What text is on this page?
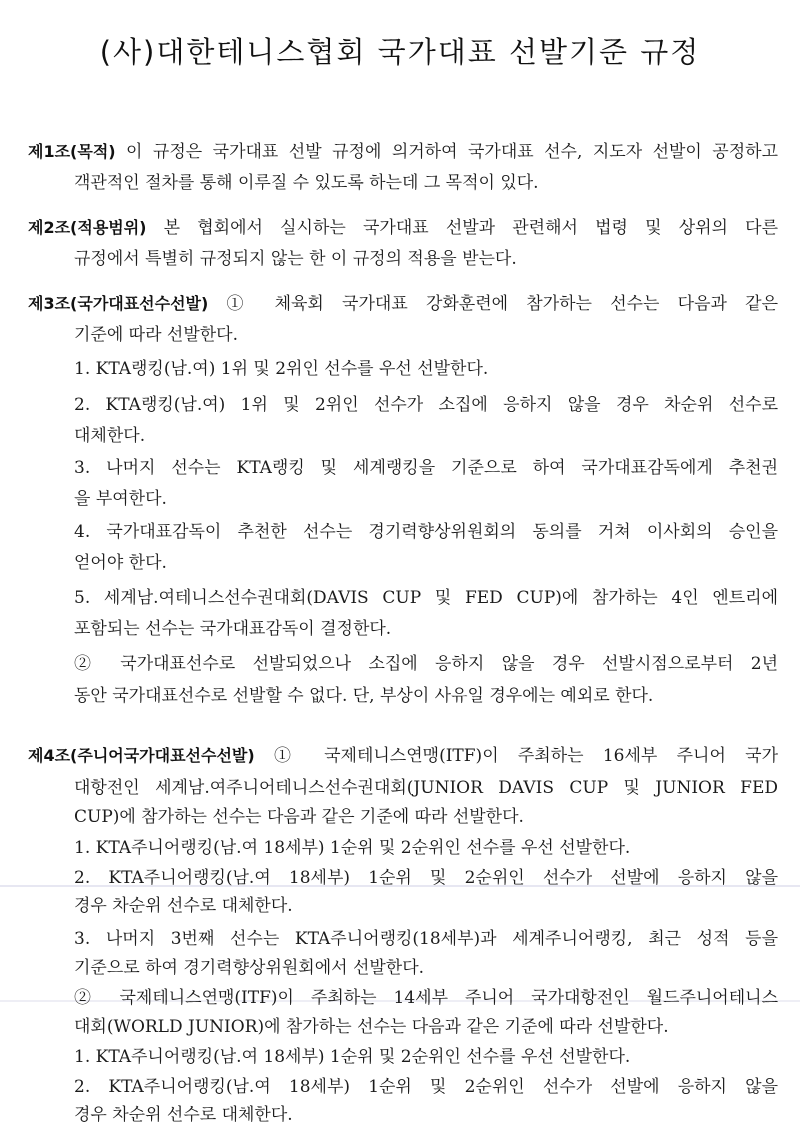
(사)대한테니스협회 국가대표 선발기준 규정
제1조(목적) 이 규정은 국가대표 선발 규정에 의거하여 국가대표 선수, 지도자 선발이 공정하고
객관적인 절차를 통해 이루질 수 있도록 하는데 그 목적이 있다.
제2조(적용범위) 본 협회에서 실시하는 국가대표 선발과 관련해서 법령 및 상위의 다른
규정에서 특별히 규정되지 않는 한 이 규정의 적용을 받는다.
제3조(국가대표선수선발) ① 체육회 국가대표 강화훈련에 참가하는 선수는 다음과 같은
기준에 따라 선발한다.
1. KTA랭킹(남.여) 1위 및 2위인 선수를 우선 선발한다.
2. KTA랭킹(남.여) 1위 및 2위인 선수가 소집에 응하지 않을 경우 차순위 선수로
대체한다.
3. 나머지 선수는 KTA랭킹 및 세계랭킹을 기준으로 하여 국가대표감독에게 추천권
을 부여한다.
4. 국가대표감독이 추천한 선수는 경기력향상위원회의 동의를 거쳐 이사회의 승인을
얻어야 한다.
5. 세계남.여테니스선수권대회(DAVIS CUP 및 FED CUP)에 참가하는 4인 엔트리에
포함되는 선수는 국가대표감독이 결정한다.
② 국가대표선수로 선발되었으나 소집에 응하지 않을 경우 선발시점으로부터 2년
동안 국가대표선수로 선발할 수 없다. 단, 부상이 사유일 경우에는 예외로 한다.
제4조(주니어국가대표선수선발) ① 국제테니스연맹(ITF)이 주최하는 16세부 주니어 국가
대항전인 세계남.여주니어테니스선수권대회(JUNIOR DAVIS CUP 및 JUNIOR FED
CUP)에 참가하는 선수는 다음과 같은 기준에 따라 선발한다.
1. KTA주니어랭킹(남.여 18세부) 1순위 및 2순위인 선수를 우선 선발한다.
2. KTA주니어랭킹(남.여 18세부) 1순위 및 2순위인 선수가 선발에 응하지 않을
경우 차순위 선수로 대체한다.
3. 나머지 3번째 선수는 KTA주니어랭킹(18세부)과 세계주니어랭킹, 최근 성적 등을
기준으로 하여 경기력향상위원회에서 선발한다.
② 국제테니스연맹(ITF)이 주최하는 14세부 주니어 국가대항전인 월드주니어테니스
대회(WORLD JUNIOR)에 참가하는 선수는 다음과 같은 기준에 따라 선발한다.
1. KTA주니어랭킹(남.여 18세부) 1순위 및 2순위인 선수를 우선 선발한다.
2. KTA주니어랭킹(남.여 18세부) 1순위 및 2순위인 선수가 선발에 응하지 않을
경우 차순위 선수로 대체한다.
